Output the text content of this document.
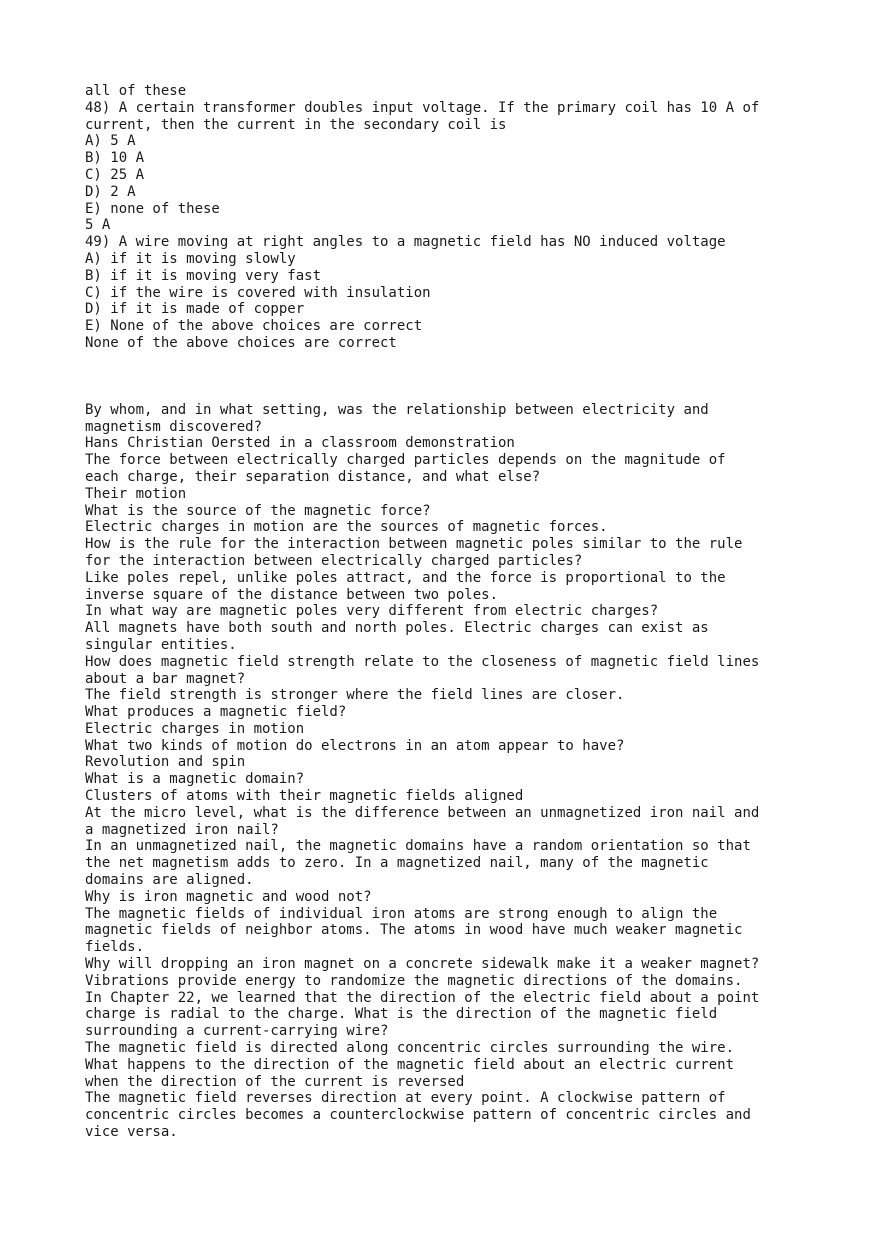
all of these

48) A certain transformer doubles input voltage. If the primary coil has 10 A of

current, then the current in the secondary coil is

A) 5 A

B) 10 A

C) 25 A

D) 2 A

E) none of these

5 A

49) A wire moving at right angles to a magnetic field has NO induced voltage

A) if it is moving slowly

B) if it is moving very fast

C) if the wire is covered with insulation

D) if it is made of copper

E) None of the above choices are correct

None of the above choices are correct

By whom, and in what setting, was the relationship between electricity and

magnetism discovered?

Hans Christian Oersted in a classroom demonstration

The force between electrically charged particles depends on the magnitude of

each charge, their separation distance, and what else?

Their motion

What is the source of the magnetic force?

Electric charges in motion are the sources of magnetic forces.

How is the rule for the interaction between magnetic poles similar to the rule

for the interaction between electrically charged particles?

Like poles repel, unlike poles attract, and the force is proportional to the

inverse square of the distance between two poles.

In what way are magnetic poles very different from electric charges?

All magnets have both south and north poles. Electric charges can exist as

singular entities.

How does magnetic field strength relate to the closeness of magnetic field lines

about a bar magnet?

The field strength is stronger where the field lines are closer.

What produces a magnetic field?

Electric charges in motion

What two kinds of motion do electrons in an atom appear to have?

Revolution and spin

What is a magnetic domain?

Clusters of atoms with their magnetic fields aligned

At the micro level, what is the difference between an unmagnetized iron nail and

a magnetized iron nail?

In an unmagnetized nail, the magnetic domains have a random orientation so that

the net magnetism adds to zero. In a magnetized nail, many of the magnetic

domains are aligned.

Why is iron magnetic and wood not?

The magnetic fields of individual iron atoms are strong enough to align the

magnetic fields of neighbor atoms. The atoms in wood have much weaker magnetic

fields.

Why will dropping an iron magnet on a concrete sidewalk make it a weaker magnet?

Vibrations provide energy to randomize the magnetic directions of the domains.

In Chapter 22, we learned that the direction of the electric field about a point

charge is radial to the charge. What is the direction of the magnetic field

surrounding a current-carrying wire?

The magnetic field is directed along concentric circles surrounding the wire.

What happens to the direction of the magnetic field about an electric current

when the direction of the current is reversed

The magnetic field reverses direction at every point. A clockwise pattern of

concentric circles becomes a counterclockwise pattern of concentric circles and

vice versa.
